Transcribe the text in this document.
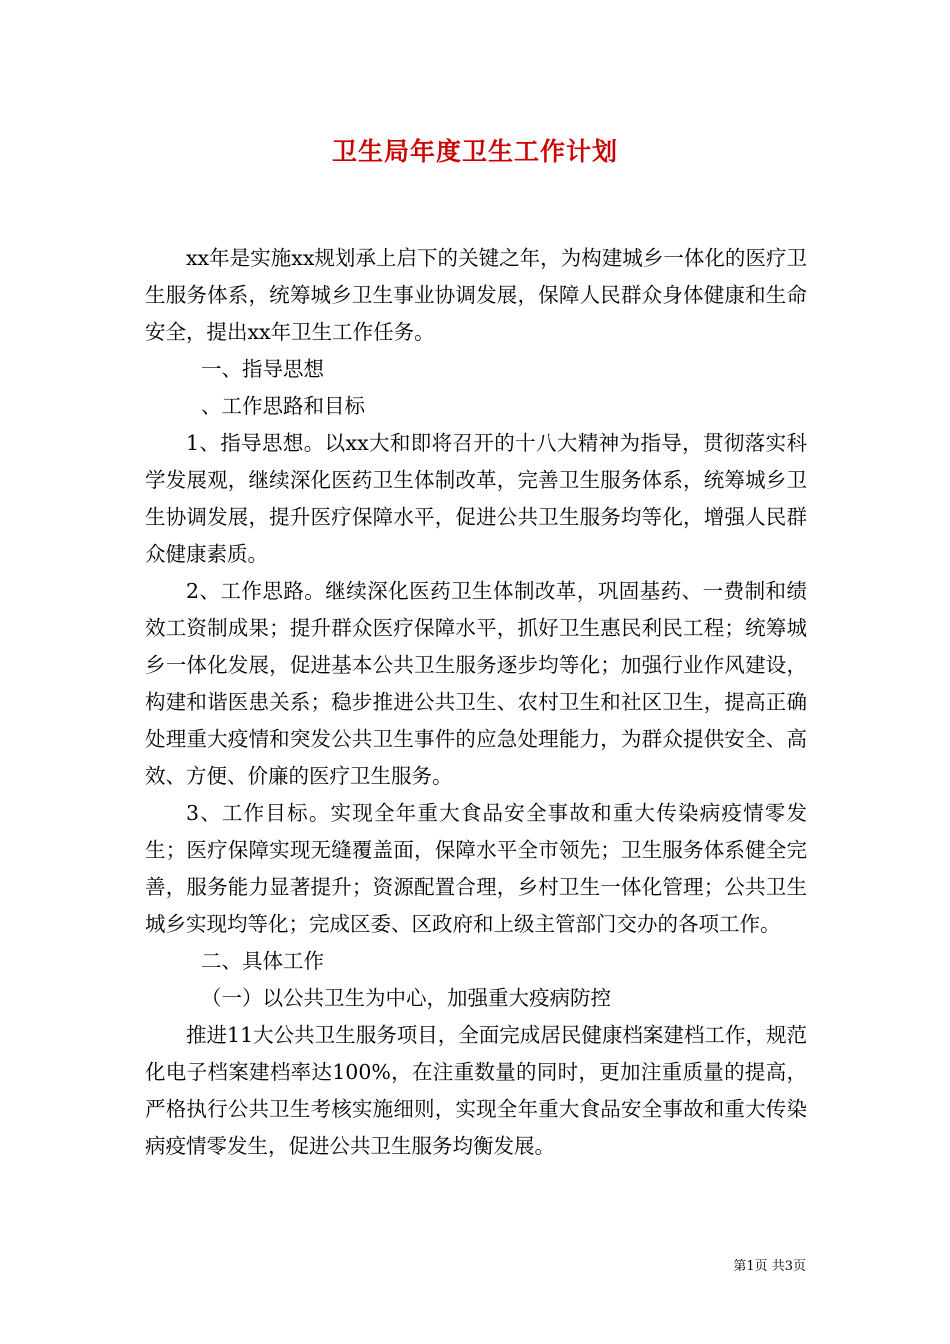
卫生局年度卫生工作计划

xx年是实施xx规划承上启下的关键之年，为构建城乡一体化的医疗卫生服务体系，统筹城乡卫生事业协调发展，保障人民群众身体健康和生命安全，提出xx年卫生工作任务。

一、指导思想

、工作思路和目标

1、指导思想。以xx大和即将召开的十八大精神为指导，贯彻落实科学发展观，继续深化医药卫生体制改革，完善卫生服务体系，统筹城乡卫生协调发展，提升医疗保障水平，促进公共卫生服务均等化，增强人民群众健康素质。

2、工作思路。继续深化医药卫生体制改革，巩固基药、一费制和绩效工资制成果；提升群众医疗保障水平，抓好卫生惠民利民工程；统筹城乡一体化发展，促进基本公共卫生服务逐步均等化；加强行业作风建设，构建和谐医患关系；稳步推进公共卫生、农村卫生和社区卫生，提高正确处理重大疫情和突发公共卫生事件的应急处理能力，为群众提供安全、高效、方便、价廉的医疗卫生服务。

3、工作目标。实现全年重大食品安全事故和重大传染病疫情零发生；医疗保障实现无缝覆盖面，保障水平全市领先；卫生服务体系健全完善，服务能力显著提升；资源配置合理，乡村卫生一体化管理；公共卫生城乡实现均等化；完成区委、区政府和上级主管部门交办的各项工作。

二、具体工作

（一）以公共卫生为中心，加强重大疫病防控

推进11大公共卫生服务项目，全面完成居民健康档案建档工作，规范化电子档案建档率达100%，在注重数量的同时，更加注重质量的提高，严格执行公共卫生考核实施细则，实现全年重大食品安全事故和重大传染病疫情零发生，促进公共卫生服务均衡发展。

第1页 共3页
